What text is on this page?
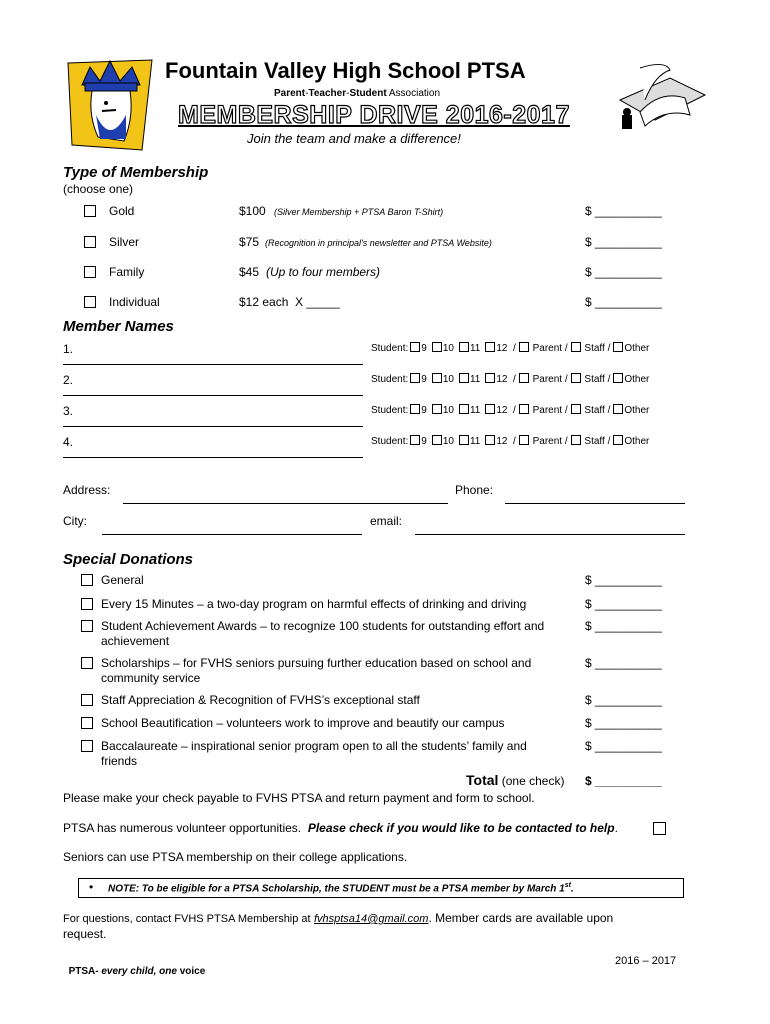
Fountain Valley High School PTSA
Parent-Teacher-Student Association
MEMBERSHIP DRIVE 2016-2017
Join the team and make a difference!
Type of Membership
(choose one)
Gold	$100 (Silver Membership + PTSA Baron T-Shirt)	$ __________
Silver	$75 (Recognition in principal's newsletter and PTSA Website)	$ __________
Family	$45 (Up to four members)	$ __________
Individual	$12 each  X _____	$ __________
Member Names
1.	Student: 9 10 11 12 / Parent / Staff / Other
2.	Student: 9 10 11 12 / Parent / Staff / Other
3.	Student: 9 10 11 12 / Parent / Staff / Other
4.	Student: 9 10 11 12 / Parent / Staff / Other
Address:	Phone:
City:	email:
Special Donations
General	$ __________
Every 15 Minutes – a two-day program on harmful effects of drinking and driving	$ __________
Student Achievement Awards – to recognize 100 students for outstanding effort and
achievement
$ __________
Scholarships – for FVHS seniors pursuing further education based on school and
community service
$ __________
Staff Appreciation & Recognition of FVHS’s exceptional staff	$ __________
School Beautification – volunteers work to improve and beautify our campus	$ __________
Baccalaureate – inspirational senior program open to all the students’ family and
friends
$ __________
Total (one check) $ __________
Please make your check payable to FVHS PTSA and return payment and form to school.
PTSA has numerous volunteer opportunities. Please check if you would like to be contacted to help.
Seniors can use PTSA membership on their college applications.
• NOTE: To be eligible for a PTSA Scholarship, the STUDENT must be a PTSA member by March 1st.
For questions, contact FVHS PTSA Membership at fvhsptsa14@gmail.com. Member cards are available upon
request.

PTSA- every child, one voice

2016 – 2017
